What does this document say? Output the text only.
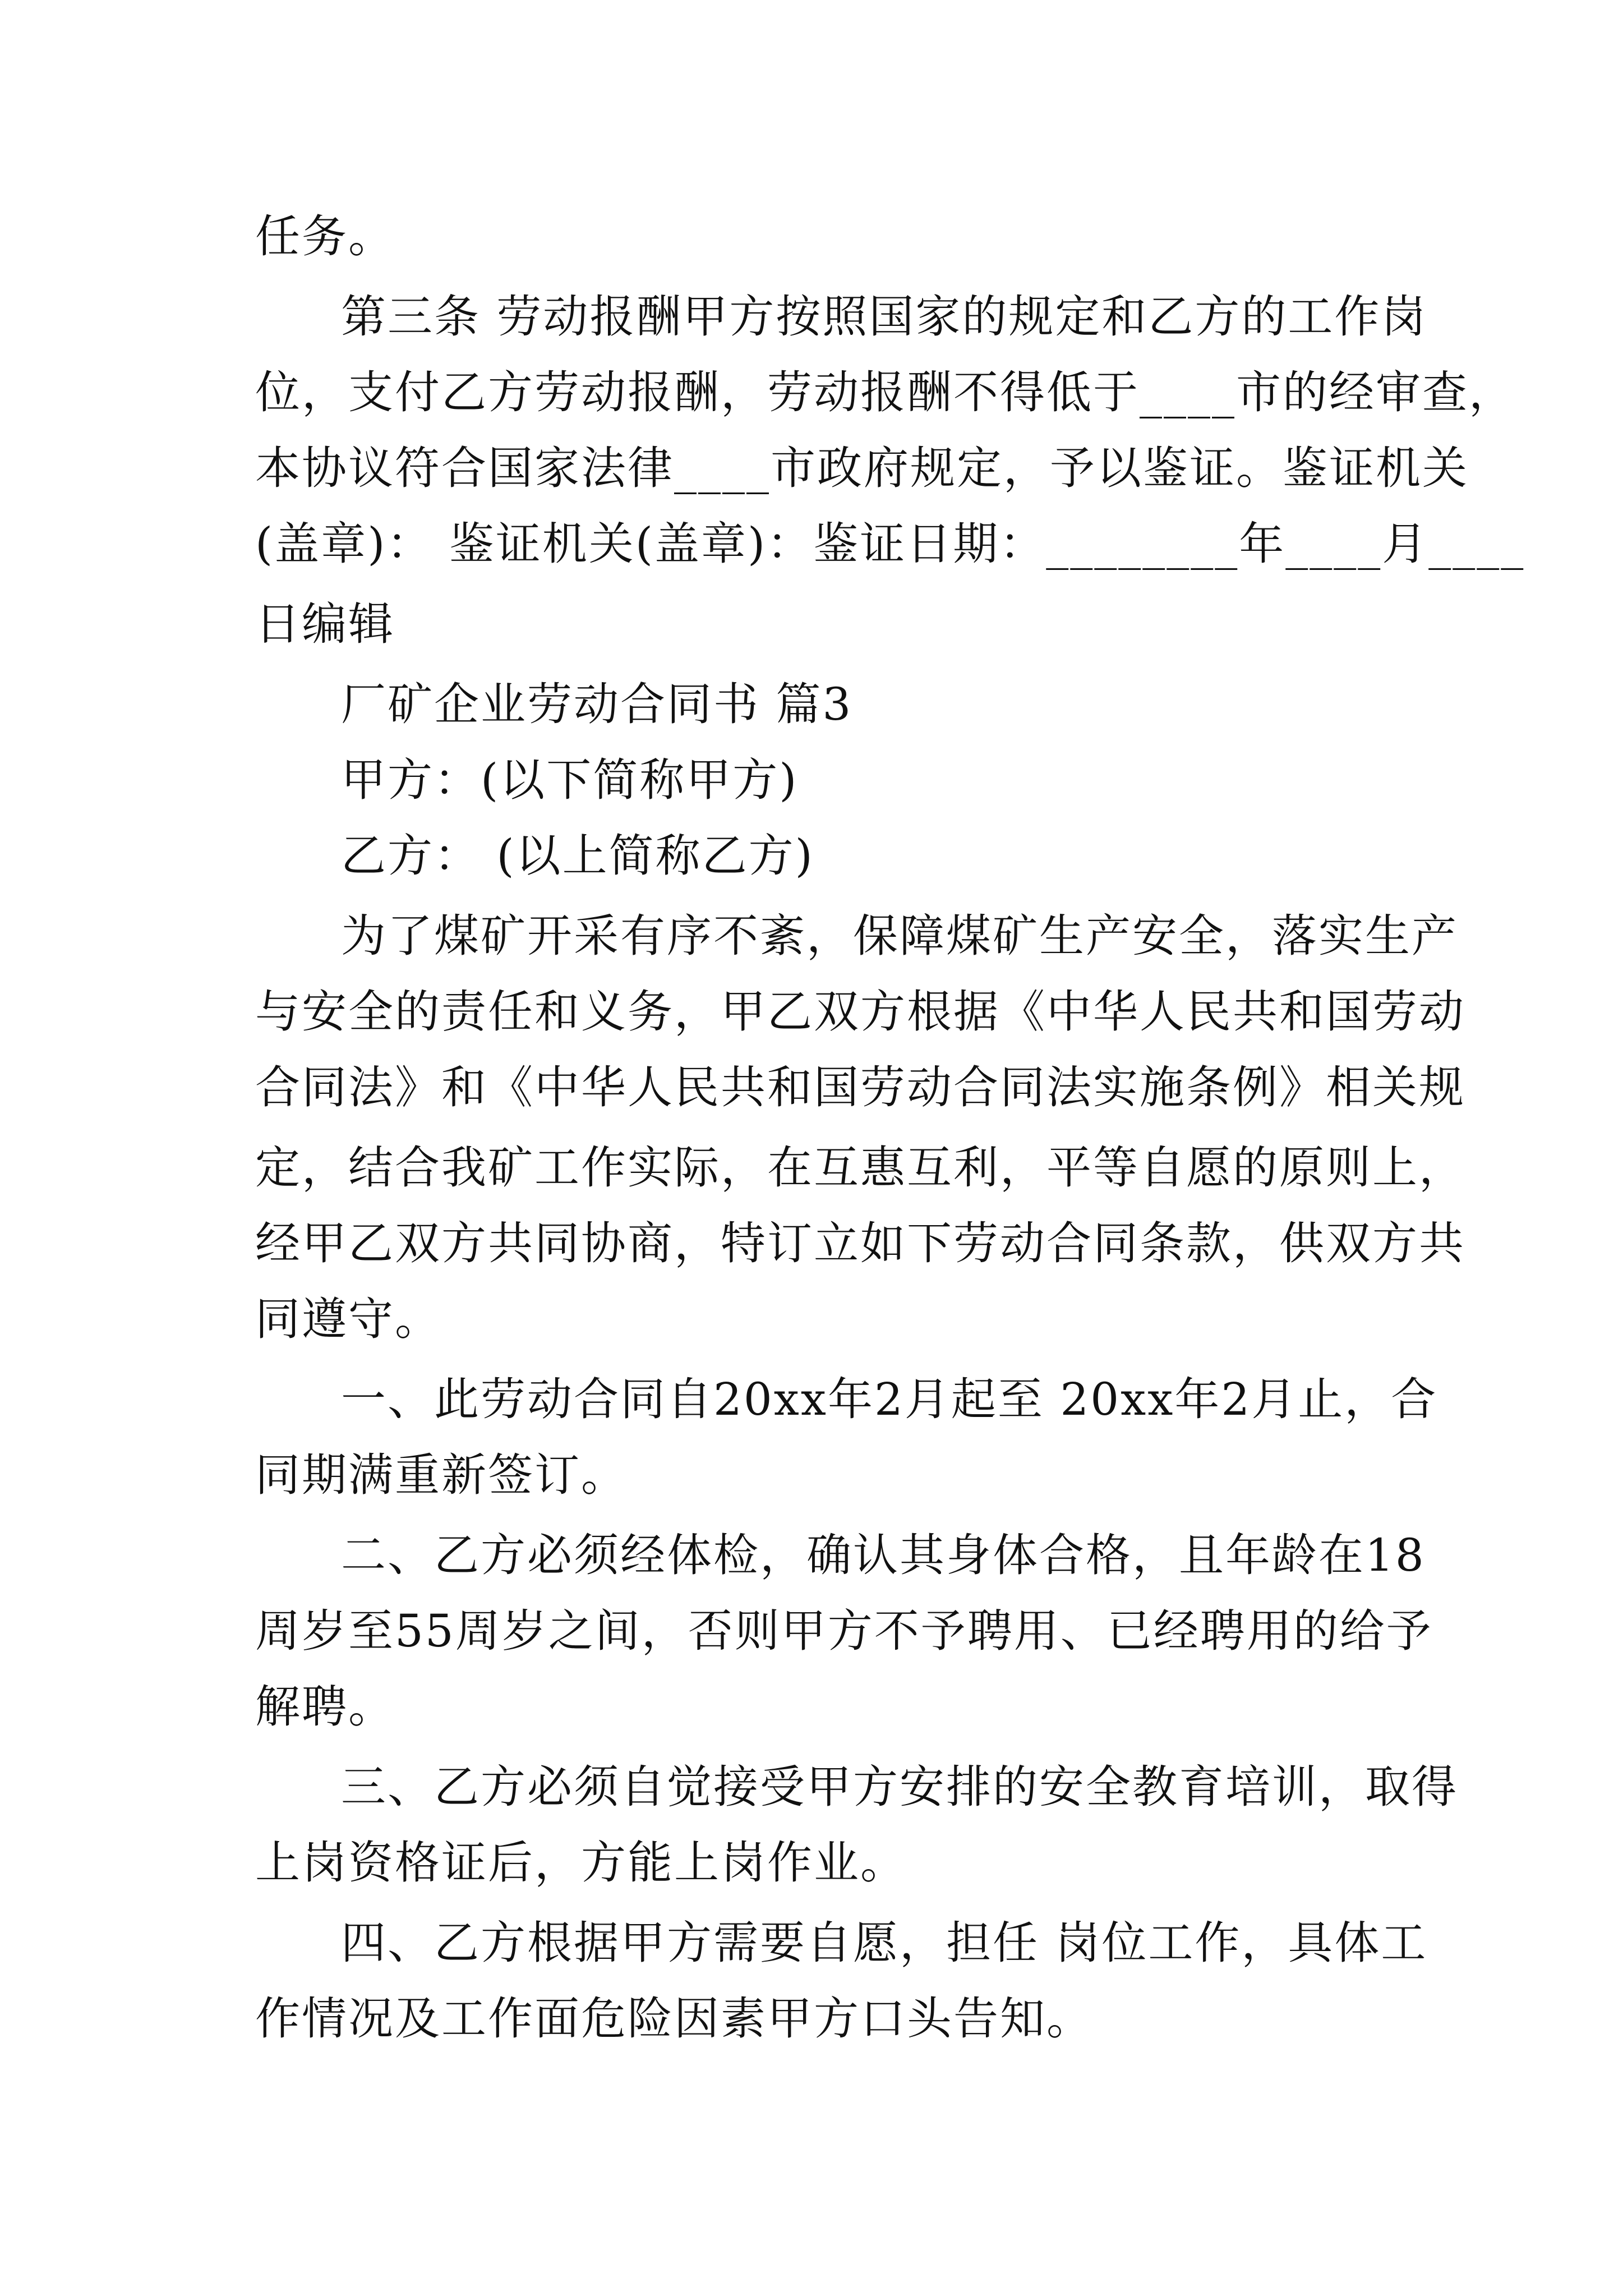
任务。
第三条 劳动报酬甲方按照国家的规定和乙方的工作岗
位，支付乙方劳动报酬，劳动报酬不得低于____市的经审查，
本协议符合国家法律____市政府规定，予以鉴证。鉴证机关
(盖章)： 鉴证机关(盖章)：鉴证日期：________年____月____
日编辑
厂矿企业劳动合同书 篇3
甲方：(以下简称甲方)
乙方： (以上简称乙方)
为了煤矿开采有序不紊，保障煤矿生产安全，落实生产
与安全的责任和义务，甲乙双方根据《中华人民共和国劳动
合同法》和《中华人民共和国劳动合同法实施条例》相关规
定，结合我矿工作实际，在互惠互利，平等自愿的原则上，
经甲乙双方共同协商，特订立如下劳动合同条款，供双方共
同遵守。
一、此劳动合同自20xx年2月起至 20xx年2月止，合
同期满重新签订。
二、乙方必须经体检，确认其身体合格，且年龄在18
周岁至55周岁之间，否则甲方不予聘用、已经聘用的给予
解聘。
三、乙方必须自觉接受甲方安排的安全教育培训，取得
上岗资格证后，方能上岗作业。
四、乙方根据甲方需要自愿，担任 岗位工作，具体工
作情况及工作面危险因素甲方口头告知。
